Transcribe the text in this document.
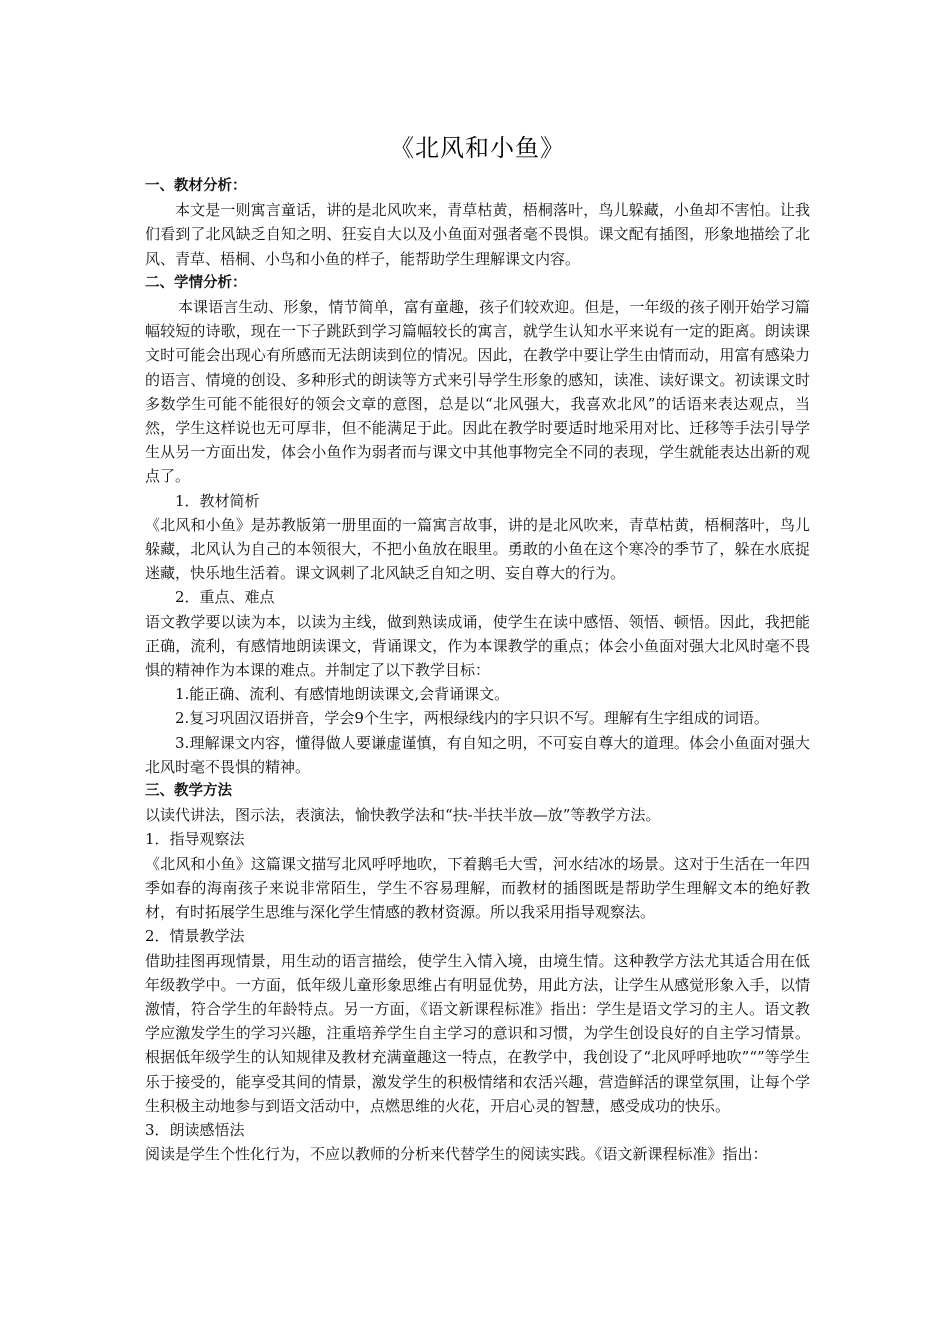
《北风和小鱼》

一、教材分析：

本文是一则寓言童话，讲的是北风吹来，青草枯黄，梧桐落叶，鸟儿躲藏，小鱼却不害怕。让我们看到了北风缺乏自知之明、狂妄自大以及小鱼面对强者毫不畏惧。课文配有插图，形象地描绘了北风、青草、梧桐、小鸟和小鱼的样子，能帮助学生理解课文内容。

二、学情分析：

本课语言生动、形象，情节简单，富有童趣，孩子们较欢迎。但是，一年级的孩子刚开始学习篇幅较短的诗歌，现在一下子跳跃到学习篇幅较长的寓言，就学生认知水平来说有一定的距离。朗读课文时可能会出现心有所感而无法朗读到位的情况。因此，在教学中要让学生由情而动，用富有感染力的语言、情境的创设、多种形式的朗读等方式来引导学生形象的感知，读准、读好课文。初读课文时多数学生可能不能很好的领会文章的意图，总是以“北风强大，我喜欢北风”的话语来表达观点，当然，学生这样说也无可厚非，但不能满足于此。因此在教学时要适时地采用对比、迁移等手法引导学生从另一方面出发，体会小鱼作为弱者而与课文中其他事物完全不同的表现，学生就能表达出新的观点了。

1．教材简析

《北风和小鱼》是苏教版第一册里面的一篇寓言故事，讲的是北风吹来，青草枯黄，梧桐落叶，鸟儿躲藏，北风认为自己的本领很大，不把小鱼放在眼里。勇敢的小鱼在这个寒冷的季节了，躲在水底捉迷藏，快乐地生活着。课文讽刺了北风缺乏自知之明、妄自尊大的行为。

2．重点、难点

语文教学要以读为本，以读为主线，做到熟读成诵，使学生在读中感悟、领悟、顿悟。因此，我把能正确，流利，有感情地朗读课文，背诵课文，作为本课教学的重点；体会小鱼面对强大北风时毫不畏惧的精神作为本课的难点。并制定了以下教学目标：

1.能正确、流利、有感情地朗读课文,会背诵课文。

2.复习巩固汉语拼音，学会9个生字，两根绿线内的字只识不写。理解有生字组成的词语。

3.理解课文内容，懂得做人要谦虚谨慎，有自知之明，不可妄自尊大的道理。体会小鱼面对强大北风时毫不畏惧的精神。

三、教学方法

以读代讲法，图示法，表演法，愉快教学法和“扶-半扶半放—放”等教学方法。

1．指导观察法

《北风和小鱼》这篇课文描写北风呼呼地吹，下着鹅毛大雪，河水结冰的场景。这对于生活在一年四季如春的海南孩子来说非常陌生，学生不容易理解，而教材的插图既是帮助学生理解文本的绝好教材，有时拓展学生思维与深化学生情感的教材资源。所以我采用指导观察法。

2．情景教学法

借助挂图再现情景，用生动的语言描绘，使学生入情入境，由境生情。这种教学方法尤其适合用在低年级教学中。一方面，低年级儿童形象思维占有明显优势，用此方法，让学生从感觉形象入手，以情激情，符合学生的年龄特点。另一方面，《语文新课程标准》指出：学生是语文学习的主人。语文教学应激发学生的学习兴趣，注重培养学生自主学习的意识和习惯，为学生创设良好的自主学习情景。根据低年级学生的认知规律及教材充满童趣这一特点，在教学中，我创设了“北风呼呼地吹”“”等学生乐于接受的，能享受其间的情景，激发学生的积极情绪和农活兴趣，营造鲜活的课堂氛围，让每个学生积极主动地参与到语文活动中，点燃思维的火花，开启心灵的智慧，感受成功的快乐。

3．朗读感悟法

阅读是学生个性化行为，不应以教师的分析来代替学生的阅读实践。《语文新课程标准》指出：
